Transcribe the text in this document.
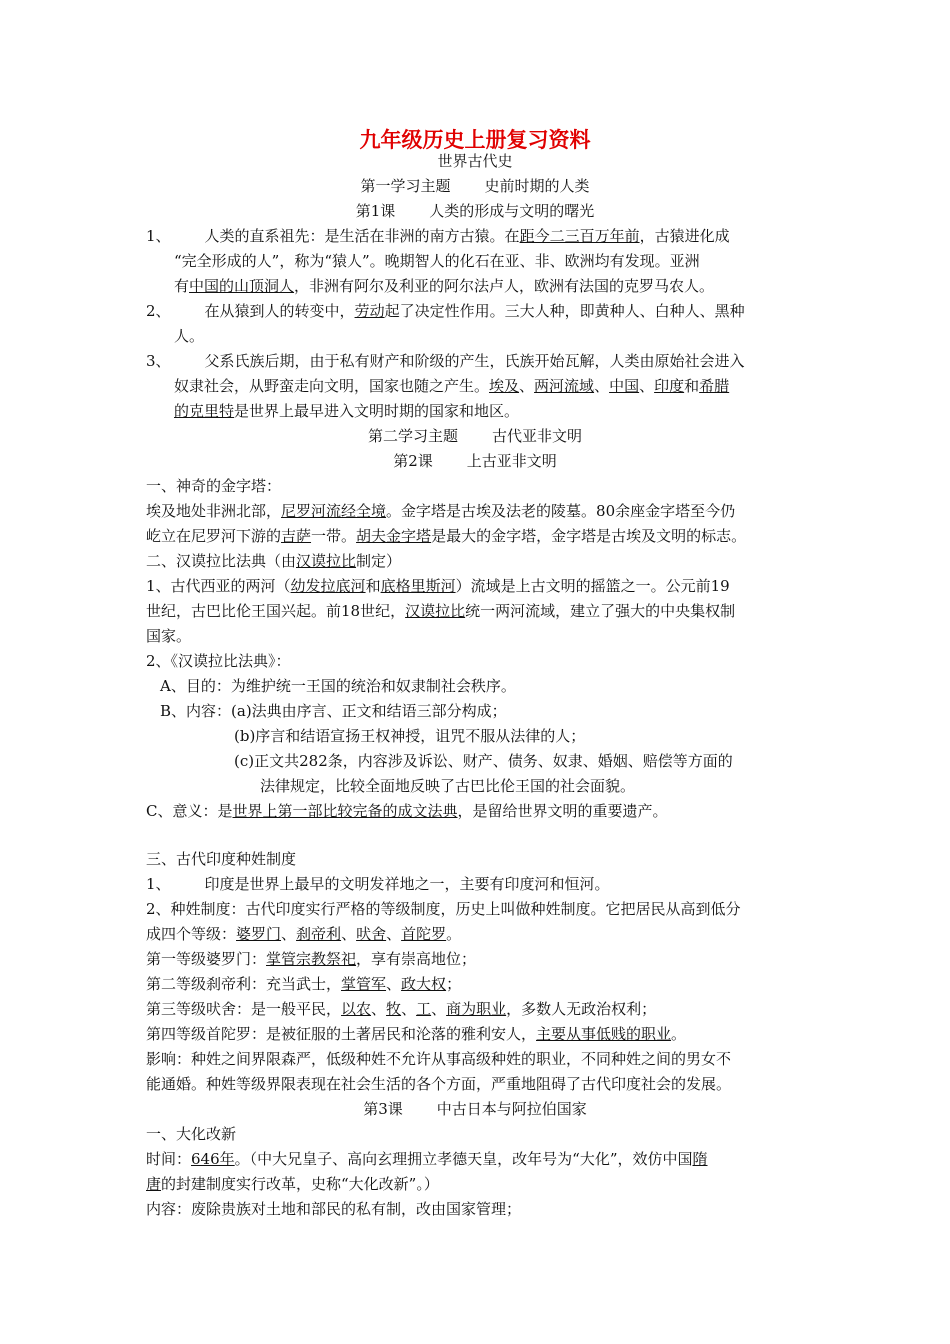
九年级历史上册复习资料
世界古代史
第一学习主题 史前时期的人类
第1课 人类的形成与文明的曙光
1、 人类的直系祖先：是生活在非洲的南方古猿。在距今二三百万年前，古猿进化成
“完全形成的人”，称为“猿人”。晚期智人的化石在亚、非、欧洲均有发现。亚洲
有中国的山顶洞人，非洲有阿尔及利亚的阿尔法卢人，欧洲有法国的克罗马农人。
2、 在从猿到人的转变中，劳动起了决定性作用。三大人种，即黄种人、白种人、黑种
人。
3、 父系氏族后期，由于私有财产和阶级的产生，氏族开始瓦解，人类由原始社会进入
奴隶社会，从野蛮走向文明，国家也随之产生。埃及、两河流域、中国、印度和希腊
的克里特是世界上最早进入文明时期的国家和地区。
第二学习主题 古代亚非文明
第2课 上古亚非文明
一、神奇的金字塔：
埃及地处非洲北部，尼罗河流经全境。金字塔是古埃及法老的陵墓。80余座金字塔至今仍
屹立在尼罗河下游的吉萨一带。胡夫金字塔是最大的金字塔，金字塔是古埃及文明的标志。
二、汉谟拉比法典（由汉谟拉比制定）
1、古代西亚的两河（幼发拉底河和底格里斯河）流域是上古文明的摇篮之一。公元前19
世纪，古巴比伦王国兴起。前18世纪，汉谟拉比统一两河流域，建立了强大的中央集权制
国家。
2、《汉谟拉比法典》：
A、目的：为维护统一王国的统治和奴隶制社会秩序。
B、内容：(a)法典由序言、正文和结语三部分构成；
(b)序言和结语宣扬王权神授，诅咒不服从法律的人；
(c)正文共282条，内容涉及诉讼、财产、债务、奴隶、婚姻、赔偿等方面的
法律规定，比较全面地反映了古巴比伦王国的社会面貌。
C、意义：是世界上第一部比较完备的成文法典，是留给世界文明的重要遗产。
三、古代印度种姓制度
1、 印度是世界上最早的文明发祥地之一，主要有印度河和恒河。
2、种姓制度：古代印度实行严格的等级制度，历史上叫做种姓制度。它把居民从高到低分
成四个等级：婆罗门、刹帝利、吠舍、首陀罗。
第一等级婆罗门：掌管宗教祭祀，享有崇高地位；
第二等级刹帝利：充当武士，掌管军、政大权；
第三等级吠舍：是一般平民，以农、牧、工、商为职业，多数人无政治权利；
第四等级首陀罗：是被征服的土著居民和沦落的雅利安人，主要从事低贱的职业。
影响：种姓之间界限森严，低级种姓不允许从事高级种姓的职业，不同种姓之间的男女不
能通婚。种姓等级界限表现在社会生活的各个方面，严重地阻碍了古代印度社会的发展。
第3课 中古日本与阿拉伯国家
一、大化改新
时间：646年。（中大兄皇子、高向玄理拥立孝德天皇，改年号为“大化”，效仿中国隋
唐的封建制度实行改革，史称“大化改新”。）
内容：废除贵族对土地和部民的私有制，改由国家管理；
